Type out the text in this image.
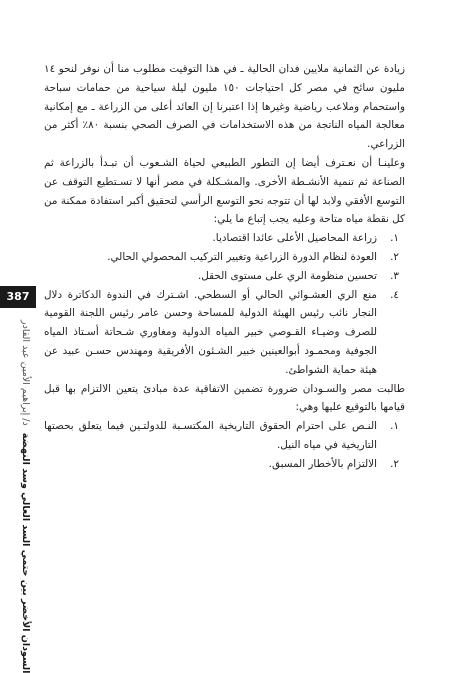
387
السودان الأخضر بين حتمي السد العالي وسد النهضة د/ إبراهيم الأمين عبد القادر

زيادة عن الثمانية ملايين فدان الحالية ـ في هذا التوقيت مطلوب منا أن نوفر لنحو ١٤ مليون سائح في مصر كل احتياجات ١٥٠ مليون ليلة سياحية من حمامات سباحة واستحمام وملاعب رياضية وغيرها إذا اعتبرنا إن العائد أعلى من الزراعة ـ مع إمكانية معالجة المياه الناتجة من هذه الاستخدامات في الصرف الصحي بنسبة ٨٠٪ أكثر من الزراعي.

وعلينـا أن نعـترف أيضا إن التطور الطبيعي لحياة الشـعوب أن تبـدأ بالزراعة ثم الصناعة ثم تنمية الأنشـطة الأخرى. والمشـكلة في مصر أنها لا تسـتطيع التوقف عن التوسع الأفقي ولابد لها أن تتوجه نحو التوسع الرأسي لتحقيق أكبر استفادة ممكنة من كل نقطة مياه متاحة وعليه يجب إتباع ما يلي:

١.
زراعة المحاصيل الأعلى عائدا اقتصاديا.
٢.
العودة لنظام الدورة الزراعية وتغيير التركيب المحصولي الحالي.
٣.
تحسين منظومة الري على مستوى الحقل.
٤.
منع الري العشـوائي الحالي أو السطحي. اشـترك في الندوة الدكاترة دلال النجار نائب رئيس الهيئة الدولية للمساحة وحسن عامر رئيس اللجنة القومية للصرف وضيـاء القـوصي خبير المياه الدولية ومغاوري شـحاتة أسـتاذ المياه الجوفية ومحمـود أبوالعينين خبير الشـئون الأفريقية ومهندس حسـن عبيد عن هيئة حماية الشواطئ.

طالبت مصر والسـودان ضرورة تضمين الاتفاقية عدة مبادئ يتعين الالتزام بها قبل قيامها بالتوقيع عليها وهي:

١.
النـص على احترام الحقوق التاريخية المكتسـبة للدولتـين فيما يتعلق بحصتها التاريخية في مياه النيل.
٢.
الالتزام بالأخطار المسبق.
